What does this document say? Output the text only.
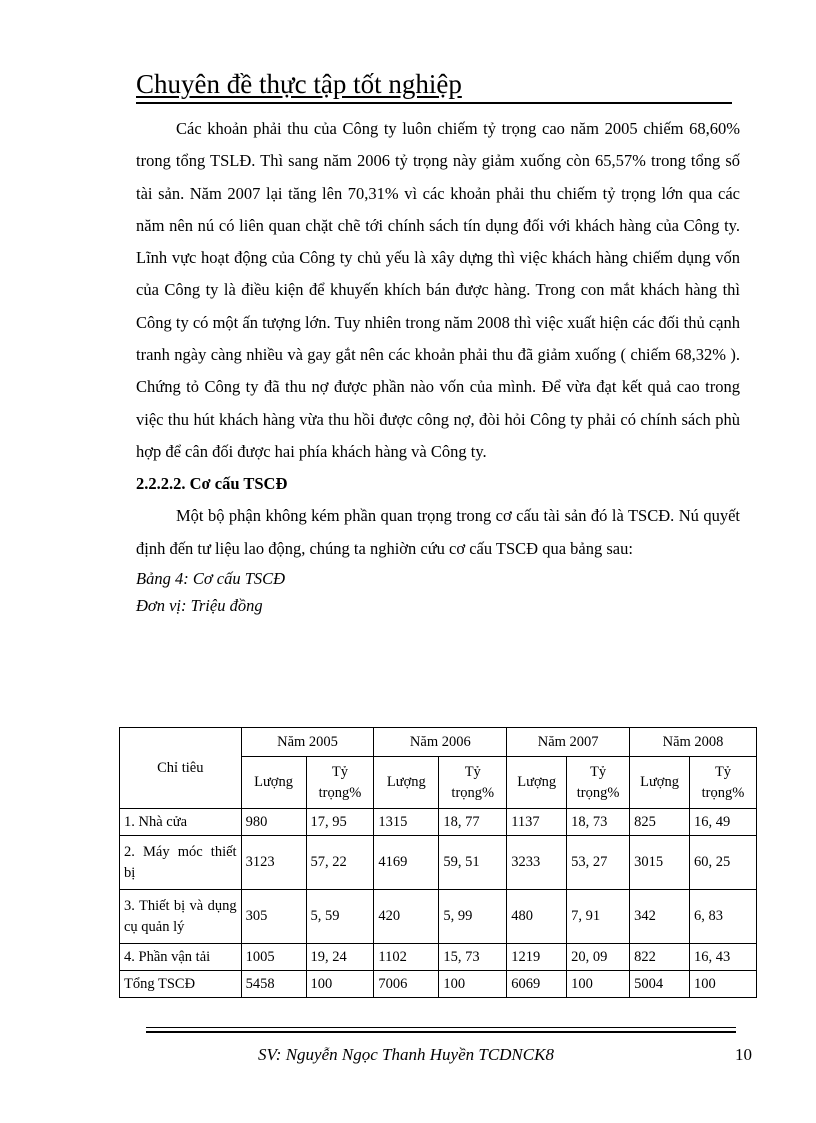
Chuyên đề thực tập tốt nghiệp

Các khoản phải thu của Công ty luôn chiếm tỷ trọng cao năm 2005 chiếm 68,60% trong tổng TSLĐ. Thì sang năm 2006 tỷ trọng này giảm xuống còn 65,57% trong tổng số tài sản. Năm 2007 lại tăng lên 70,31% vì các khoản phải thu chiếm tỷ trọng lớn qua các năm nên nú có liên quan chặt chẽ tới chính sách tín dụng đối với khách hàng của Công ty. Lĩnh vực hoạt động của Công ty chủ yếu là xây dựng thì việc khách hàng chiếm dụng vốn của Công ty là điều kiện để khuyến khích bán được hàng. Trong con mắt khách hàng thì Công ty có một ấn tượng lớn. Tuy nhiên trong năm 2008 thì việc xuất hiện các đối thủ cạnh tranh ngày càng nhiều và gay gắt nên các khoản phải thu đã giảm xuống ( chiếm 68,32% ). Chứng tỏ Công ty đã thu nợ được phần nào vốn của mình. Để vừa đạt kết quả cao trong việc thu hút khách hàng vừa thu hồi được công nợ, đòi hỏi Công ty phải có chính sách phù hợp để cân đối được hai phía khách hàng và Công ty.

2.2.2.2. Cơ cấu TSCĐ

Một bộ phận không kém phần quan trọng trong cơ cấu tài sản đó là TSCĐ. Nú quyết định đến tư liệu lao động, chúng ta nghiờn cứu cơ cấu TSCĐ qua bảng sau:

Bảng 4: Cơ cấu TSCĐ

Đơn vị: Triệu đồng

Chỉ tiêu	Năm 2005		Năm 2006		Năm 2007		Năm 2008	
	Lượng	Tỷ trọng%	Lượng	Tỷ trọng%	Lượng	Tỷ trọng%	Lượng	Tỷ trọng%
1. Nhà cửa	980	17, 95	1315	18, 77	1137	18, 73	825	16, 49
2. Máy móc thiết bị	3123	57, 22	4169	59, 51	3233	53, 27	3015	60, 25
3. Thiết bị và dụng cụ quản lý	305	5, 59	420	5, 99	480	7, 91	342	6, 83
4. Phần vận tải	1005	19, 24	1102	15, 73	1219	20, 09	822	16, 43
Tổng TSCĐ	5458	100	7006	100	6069	100	5004	100
SV: Nguyễn Ngọc Thanh Huyền TCDNCK8	10
